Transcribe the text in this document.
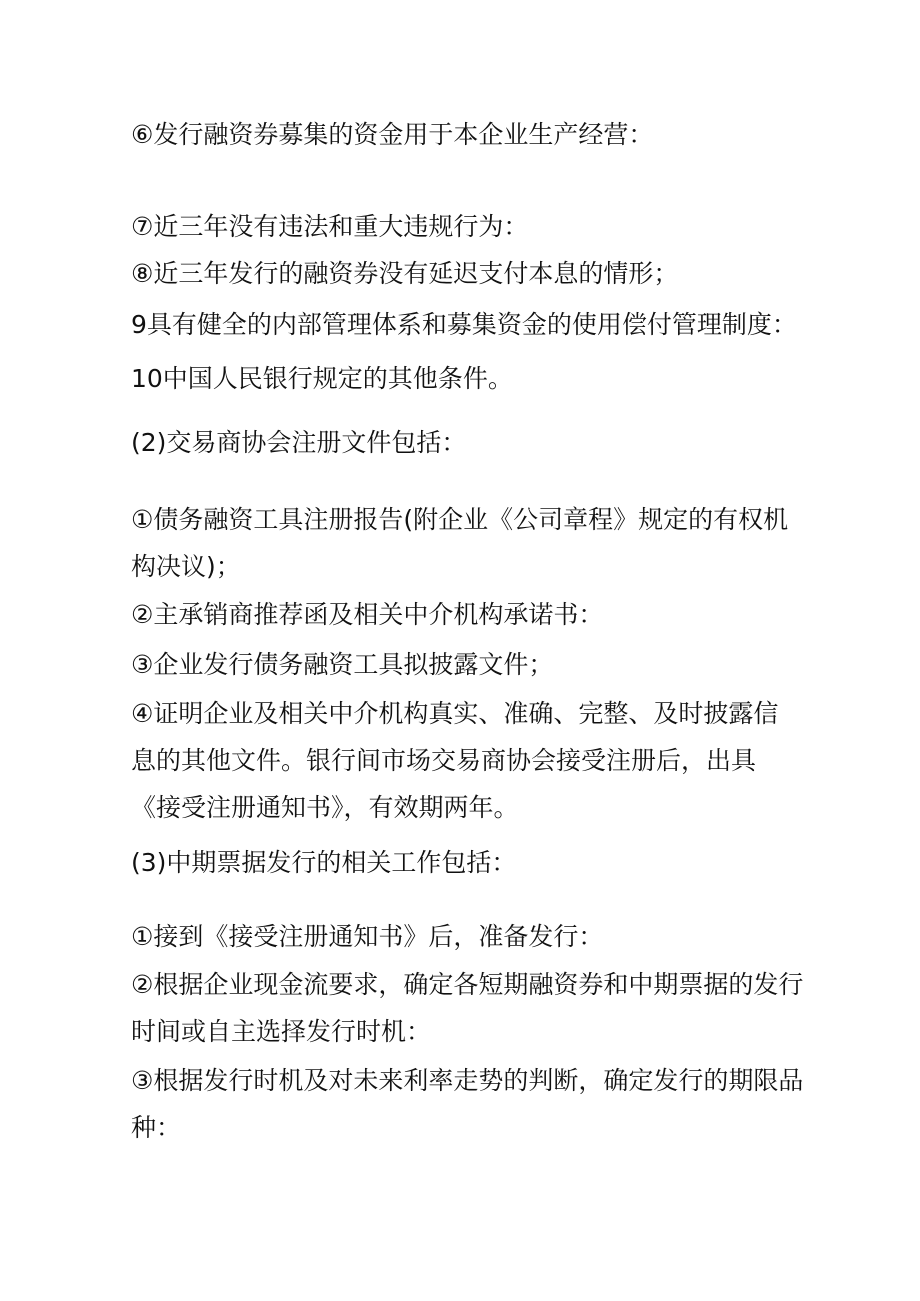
⑥发行融资券募集的资金用于本企业生产经营：

⑦近三年没有违法和重大违规行为：

⑧近三年发行的融资券没有延迟支付本息的情形；

9具有健全的内部管理体系和募集资金的使用偿付管理制度：

10中国人民银行规定的其他条件。

(2)交易商协会注册文件包括：

①债务融资工具注册报告(附企业《公司章程》规定的有权机

构决议)；

②主承销商推荐函及相关中介机构承诺书：

③企业发行债务融资工具拟披露文件；

④证明企业及相关中介机构真实、准确、完整、及时披露信

息的其他文件。银行间市场交易商协会接受注册后，出具

《接受注册通知书》，有效期两年。

(3)中期票据发行的相关工作包括：

①接到《接受注册通知书》后，准备发行：

②根据企业现金流要求，确定各短期融资券和中期票据的发行

时间或自主选择发行时机：

③根据发行时机及对未来利率走势的判断，确定发行的期限品

种：
